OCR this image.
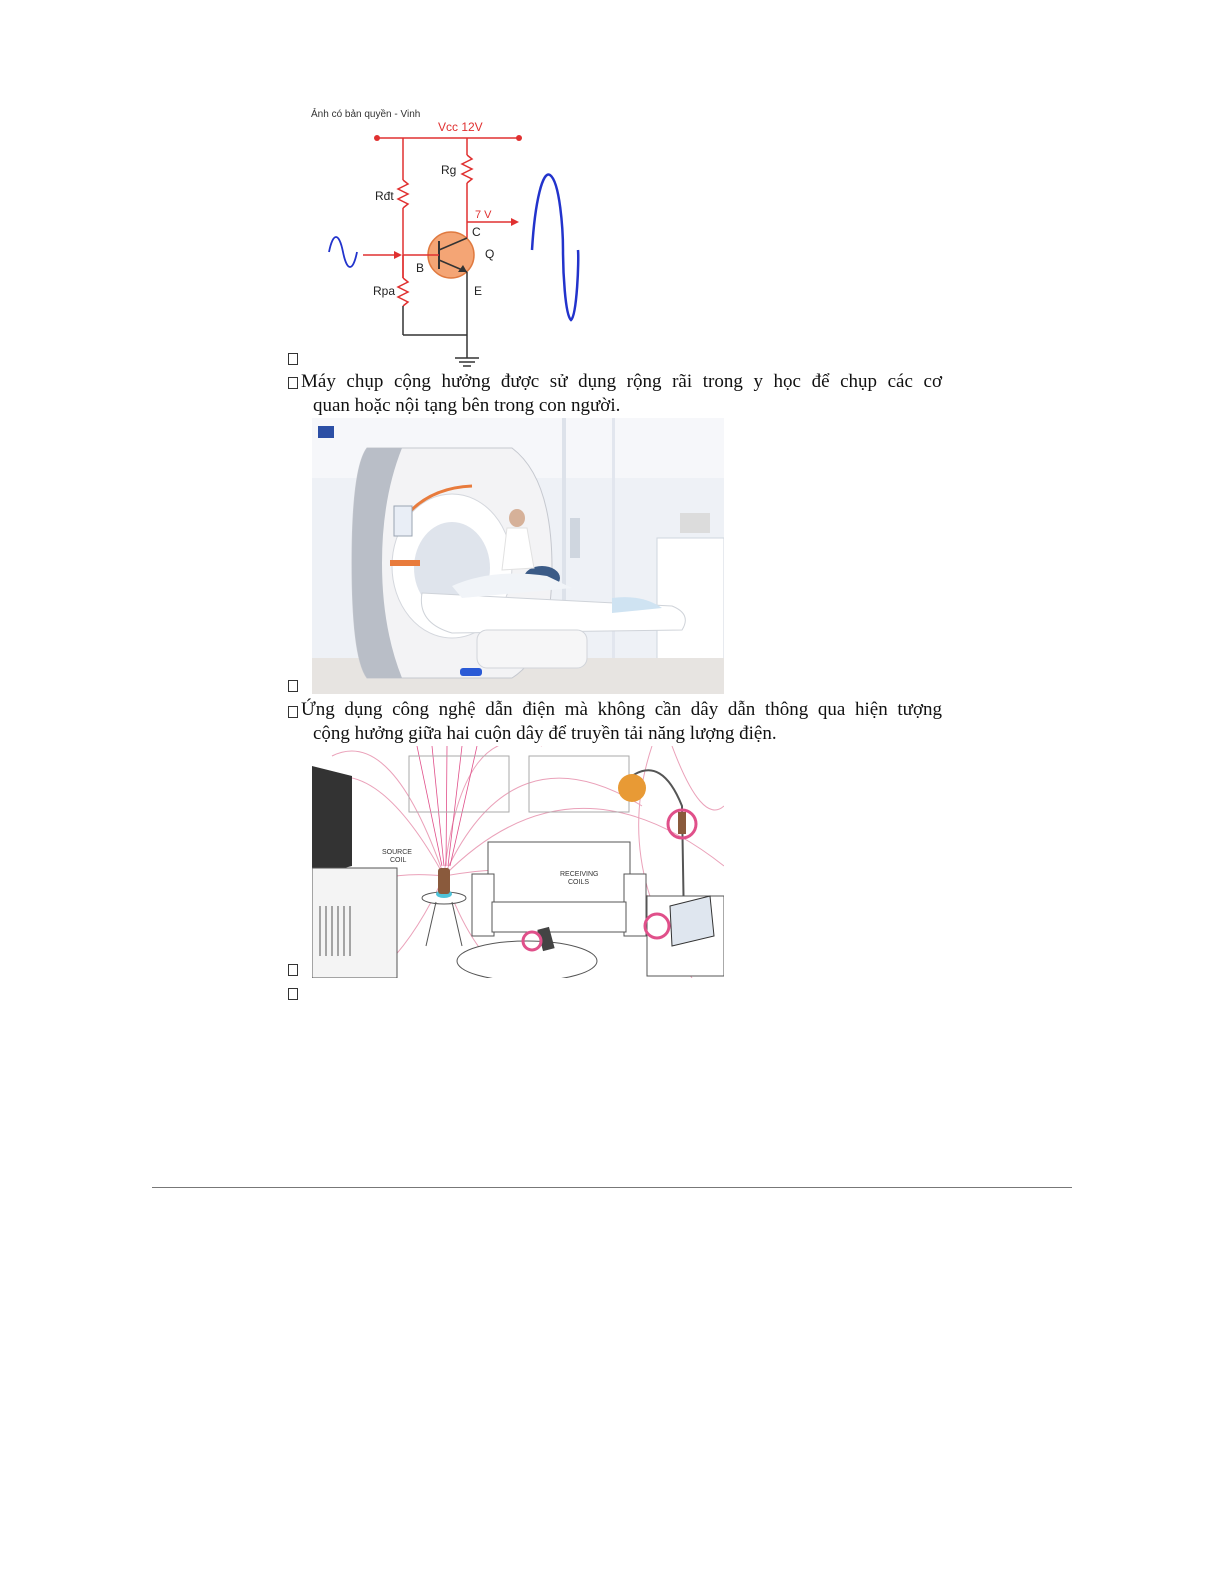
Ảnh có bản quyền - Vinh
Vcc 12V
Rđt
Rg
7 V
C
B
Q
E
Rpa
Máy chụp cộng hưởng được sử dụng rộng rãi trong y học để chụp các cơ
quan hoặc nội tạng bên trong con người.
Ứng dụng công nghệ dẫn điện mà không cần dây dẫn thông qua hiện tượng
cộng hưởng giữa hai cuộn dây để truyền tải năng lượng điện.
SOURCE
COIL
RECEIVING
COILS
